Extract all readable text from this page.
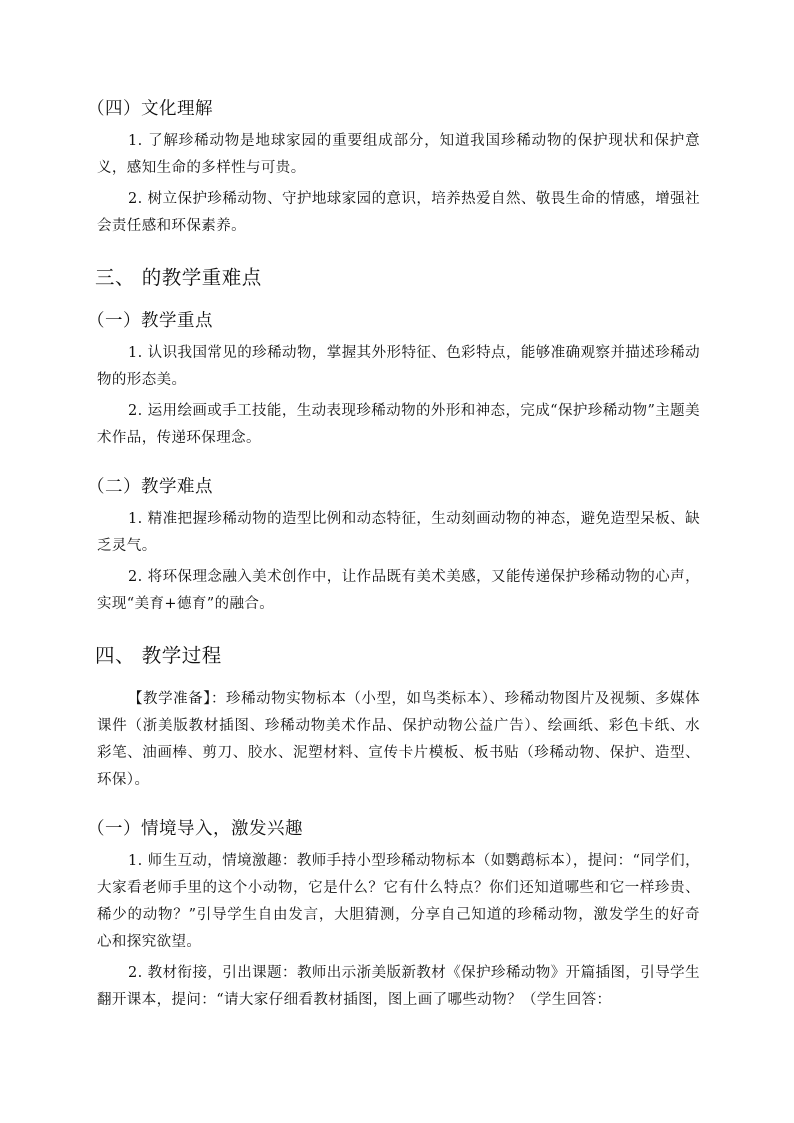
（四）文化理解

1. 了解珍稀动物是地球家园的重要组成部分，知道我国珍稀动物的保护现状和保护意义，感知生命的多样性与可贵。

2. 树立保护珍稀动物、守护地球家园的意识，培养热爱自然、敬畏生命的情感，增强社会责任感和环保素养。

三、 的教学重难点
（一）教学重点

1. 认识我国常见的珍稀动物，掌握其外形特征、色彩特点，能够准确观察并描述珍稀动物的形态美。

2. 运用绘画或手工技能，生动表现珍稀动物的外形和神态，完成“保护珍稀动物”主题美术作品，传递环保理念。

（二）教学难点

1. 精准把握珍稀动物的造型比例和动态特征，生动刻画动物的神态，避免造型呆板、缺乏灵气。

2. 将环保理念融入美术创作中，让作品既有美术美感，又能传递保护珍稀动物的心声，实现“美育+德育”的融合。

四、 教学过程

【教学准备】：珍稀动物实物标本（小型，如鸟类标本）、珍稀动物图片及视频、多媒体课件（浙美版教材插图、珍稀动物美术作品、保护动物公益广告）、绘画纸、彩色卡纸、水彩笔、油画棒、剪刀、胶水、泥塑材料、宣传卡片模板、板书贴（珍稀动物、保护、造型、环保）。

（一）情境导入，激发兴趣

1. 师生互动，情境激趣：教师手持小型珍稀动物标本（如鹦鹉标本），提问：“同学们，大家看老师手里的这个小动物，它是什么？它有什么特点？你们还知道哪些和它一样珍贵、稀少的动物？”引导学生自由发言，大胆猜测，分享自己知道的珍稀动物，激发学生的好奇心和探究欲望。

2. 教材衔接，引出课题：教师出示浙美版新教材《保护珍稀动物》开篇插图，引导学生翻开课本，提问：“请大家仔细看教材插图，图上画了哪些动物？（学生回答：
